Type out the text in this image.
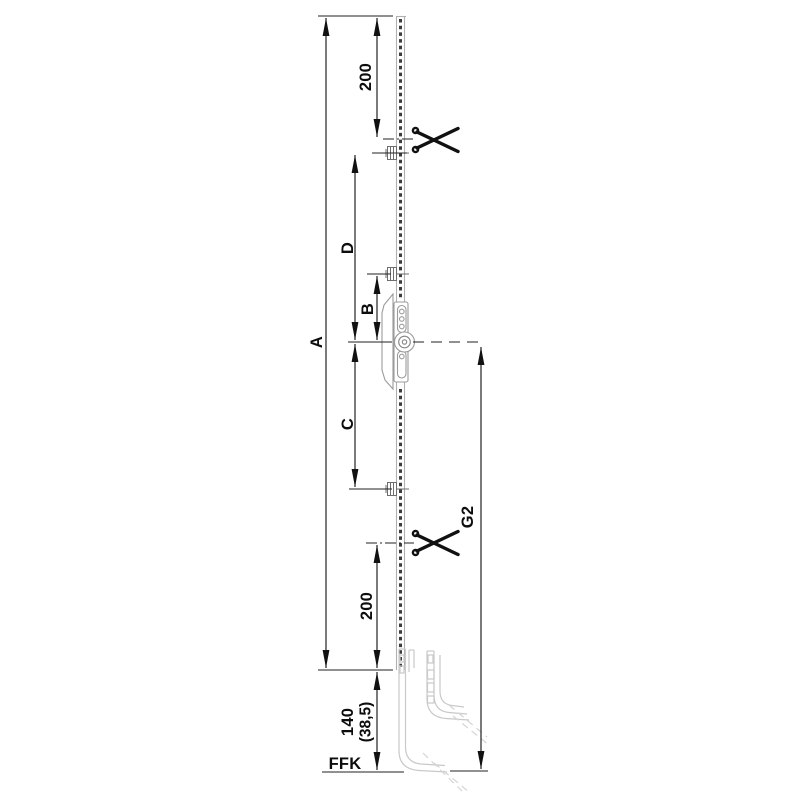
A
200
D
B
C
200
140 (38,5)
G2
FFK
